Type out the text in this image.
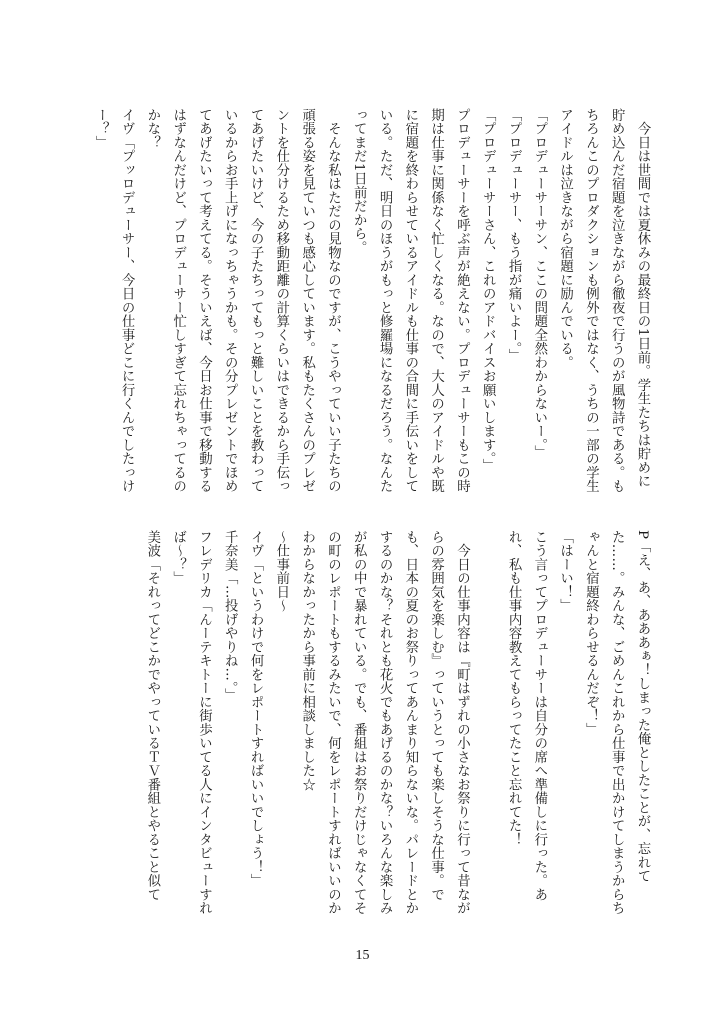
　今日は世間では夏休みの最終日の1日前。学生たちは貯めに貯め込んだ宿題を泣きながら徹夜で行うのが風物詩である。もちろんこのプロダクションも例外ではなく、うちの一部の学生アイドルは泣きながら宿題に励んでいる。

「プロデューサーサン、ここの問題全然わからないー。」

「プロデューサー、もう指が痛いよー。」

「プロデューサーさん、これのアドバイスお願いします。」

プロデューサーを呼ぶ声が絶えない。プロデューサーもこの時期は仕事に関係なく忙しくなる。なので、大人のアイドルや既に宿題を終わらせているアイドルも仕事の合間に手伝いをしている。ただ、明日のほうがもっと修羅場になるだろう。なんたってまだ1日前だから。

　そんな私はただの見物なのですが、こうやっていい子たちの頑張る姿を見ていつも感心しています。私もたくさんのプレゼントを仕分けるため移動距離の計算くらいはできるから手伝ってあげたいけど、今の子たちってもっと難しいことを教わっているからお手上げになっちゃうかも。その分プレゼントでほめてあげたいって考えてる。そういえば、今日お仕事で移動するはずなんだけど、プロデューサー忙しすぎて忘れちゃってるのかな？

イヴ「プッロデューサー、今日の仕事どこに行くんでしたっけー？」

P「え、あ、あああぁ！しまった俺としたことが、忘れてた……。みんな、ごめんこれから仕事で出かけてしまうからちゃんと宿題終わらせるんだぞ！」

「はーい！」

こう言ってプロデューサーは自分の席へ準備しに行った。あれ、私も仕事内容教えてもらってたこと忘れてた！

　今日の仕事内容は『町はずれの小さなお祭りに行って昔ながらの雰囲気を楽しむ』っていうとっても楽しそうな仕事。でも、日本の夏のお祭りってあんまり知らないな。パレードとかするのかな？それとも花火でもあげるのかな？いろんな楽しみが私の中で暴れている。でも、番組はお祭りだけじゃなくてその町のレポートもするみたいで、何をレポートすればいいのかわからなかったから事前に相談しました☆

～仕事前日～

イヴ「というわけで何をレポートすればいいでしょう！」

千奈美「…投げやりね…。」

フレデリカ「んーテキトーに街歩いてる人にインタビューすれば～？」

美波「それってどこかでやっているＴＶ番組とやること似て

15
